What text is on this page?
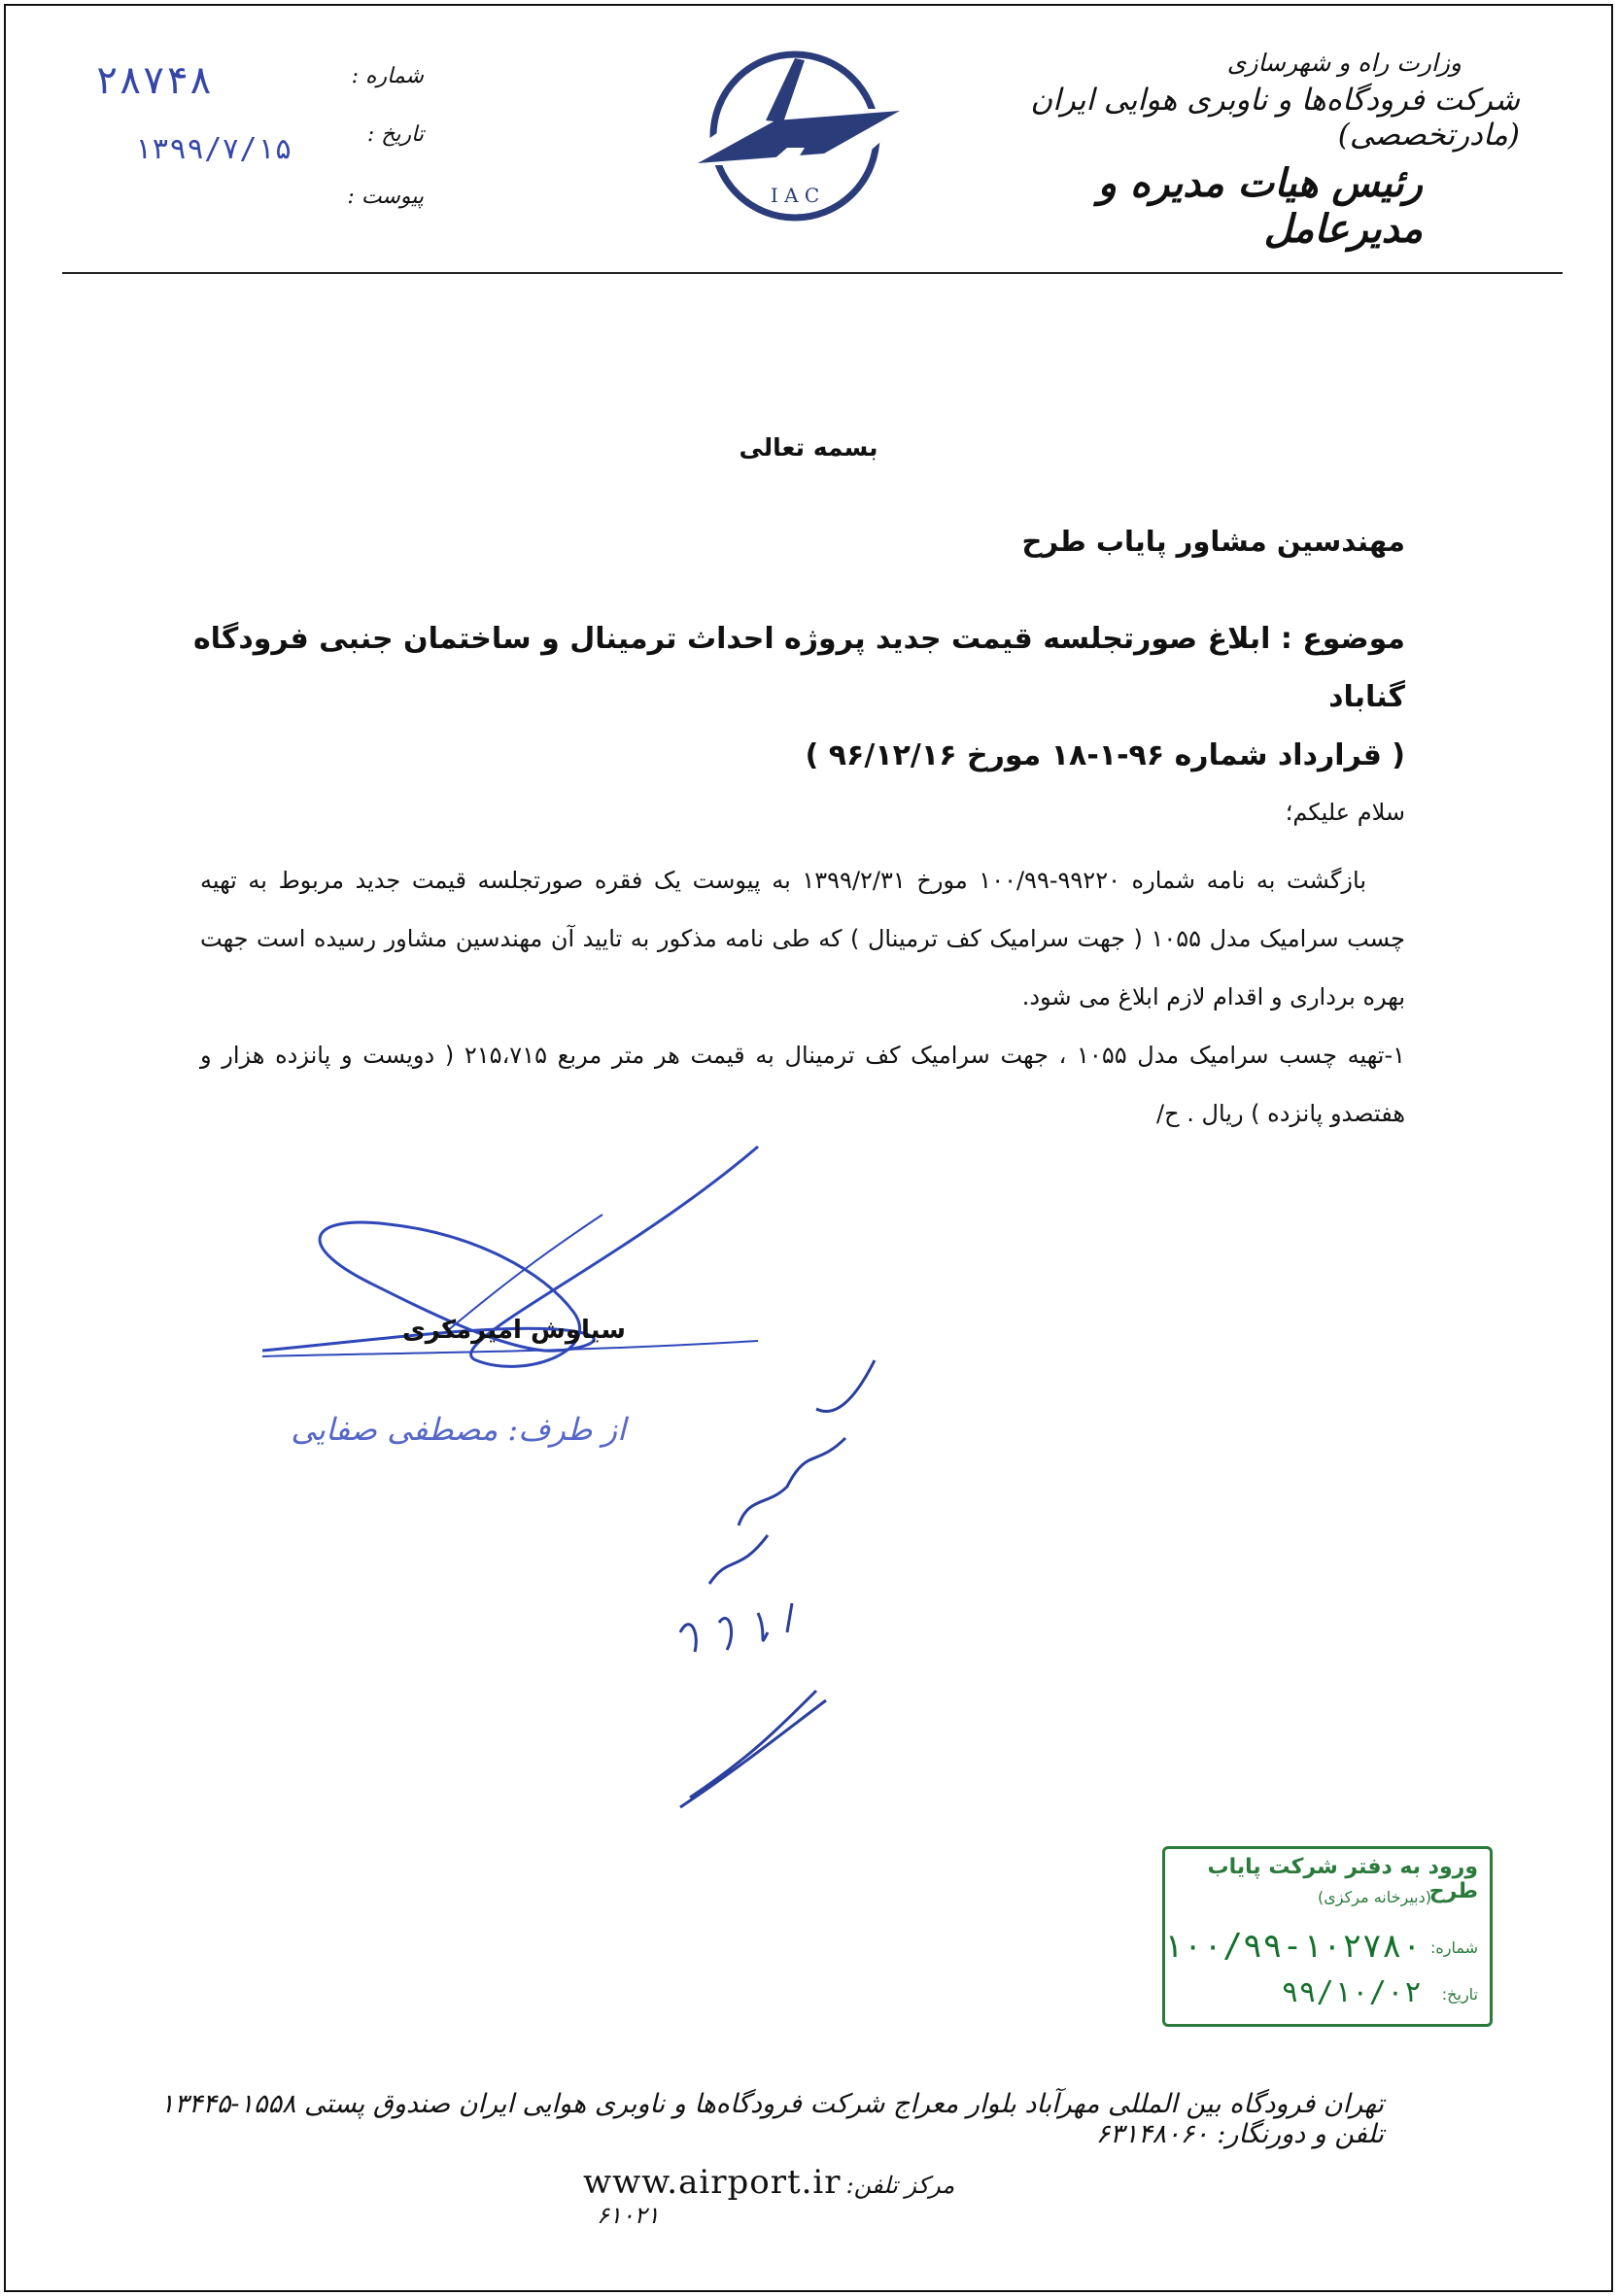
وزارت راه و شهرسازی
شرکت فرودگاه‌ها و ناوبری هوایی ایران (مادرتخصصی)
رئیس هیات مدیره و مدیرعامل
I A C
شماره :
تاریخ :
پیوست :
۲۸۷۴۸
۱۳۹۹/۷/۱۵
بسمه تعالی
مهندسین مشاور پایاب طرح
موضوع : ابلاغ صورتجلسه قیمت جدید پروژه احداث ترمینال و ساختمان جنبی فرودگاه گناباد
( قرارداد شماره ۹۶-۱-۱۸ مورخ ۹۶/۱۲/۱۶ )
سلام علیکم؛

بازگشت به نامه شماره ۹۹۲۲۰-۱۰۰/۹۹ مورخ ۱۳۹۹/۲/۳۱ به پیوست یک فقره صورتجلسه قیمت جدید مربوط به تهیه چسب سرامیک مدل ۱۰۵۵ ( جهت سرامیک کف ترمینال ) که طی نامه مذکور به تایید آن مهندسین مشاور رسیده است جهت بهره برداری و اقدام لازم ابلاغ می شود.

۱-تهیه چسب سرامیک مدل ۱۰۵۵ ، جهت سرامیک کف ترمینال به قیمت هر متر مربع ۲۱۵،۷۱۵ ( دویست و پانزده هزار و هفتصدو پانزده ) ریال . ح/

سیاوش امیرمکری
از طرف: مصطفی صفایی
ورود به دفتر شرکت پایاب طرح
(دبیرخانه مرکزی)
شماره:
تاریخ:
۱۰۰/۹۹-۱۰۲۷۸۰
۹۹/۱۰/۰۲
تهران فرودگاه بین المللی مهرآباد بلوار معراج شرکت فرودگاه‌ها و ناوبری هوایی ایران صندوق پستی ۱۵۵۸-۱۳۴۴۵ تلفن و دورنگار: ۶۳۱۴۸۰۶۰
www.airport.ir مرکز تلفن: ۶۱۰۲۱
